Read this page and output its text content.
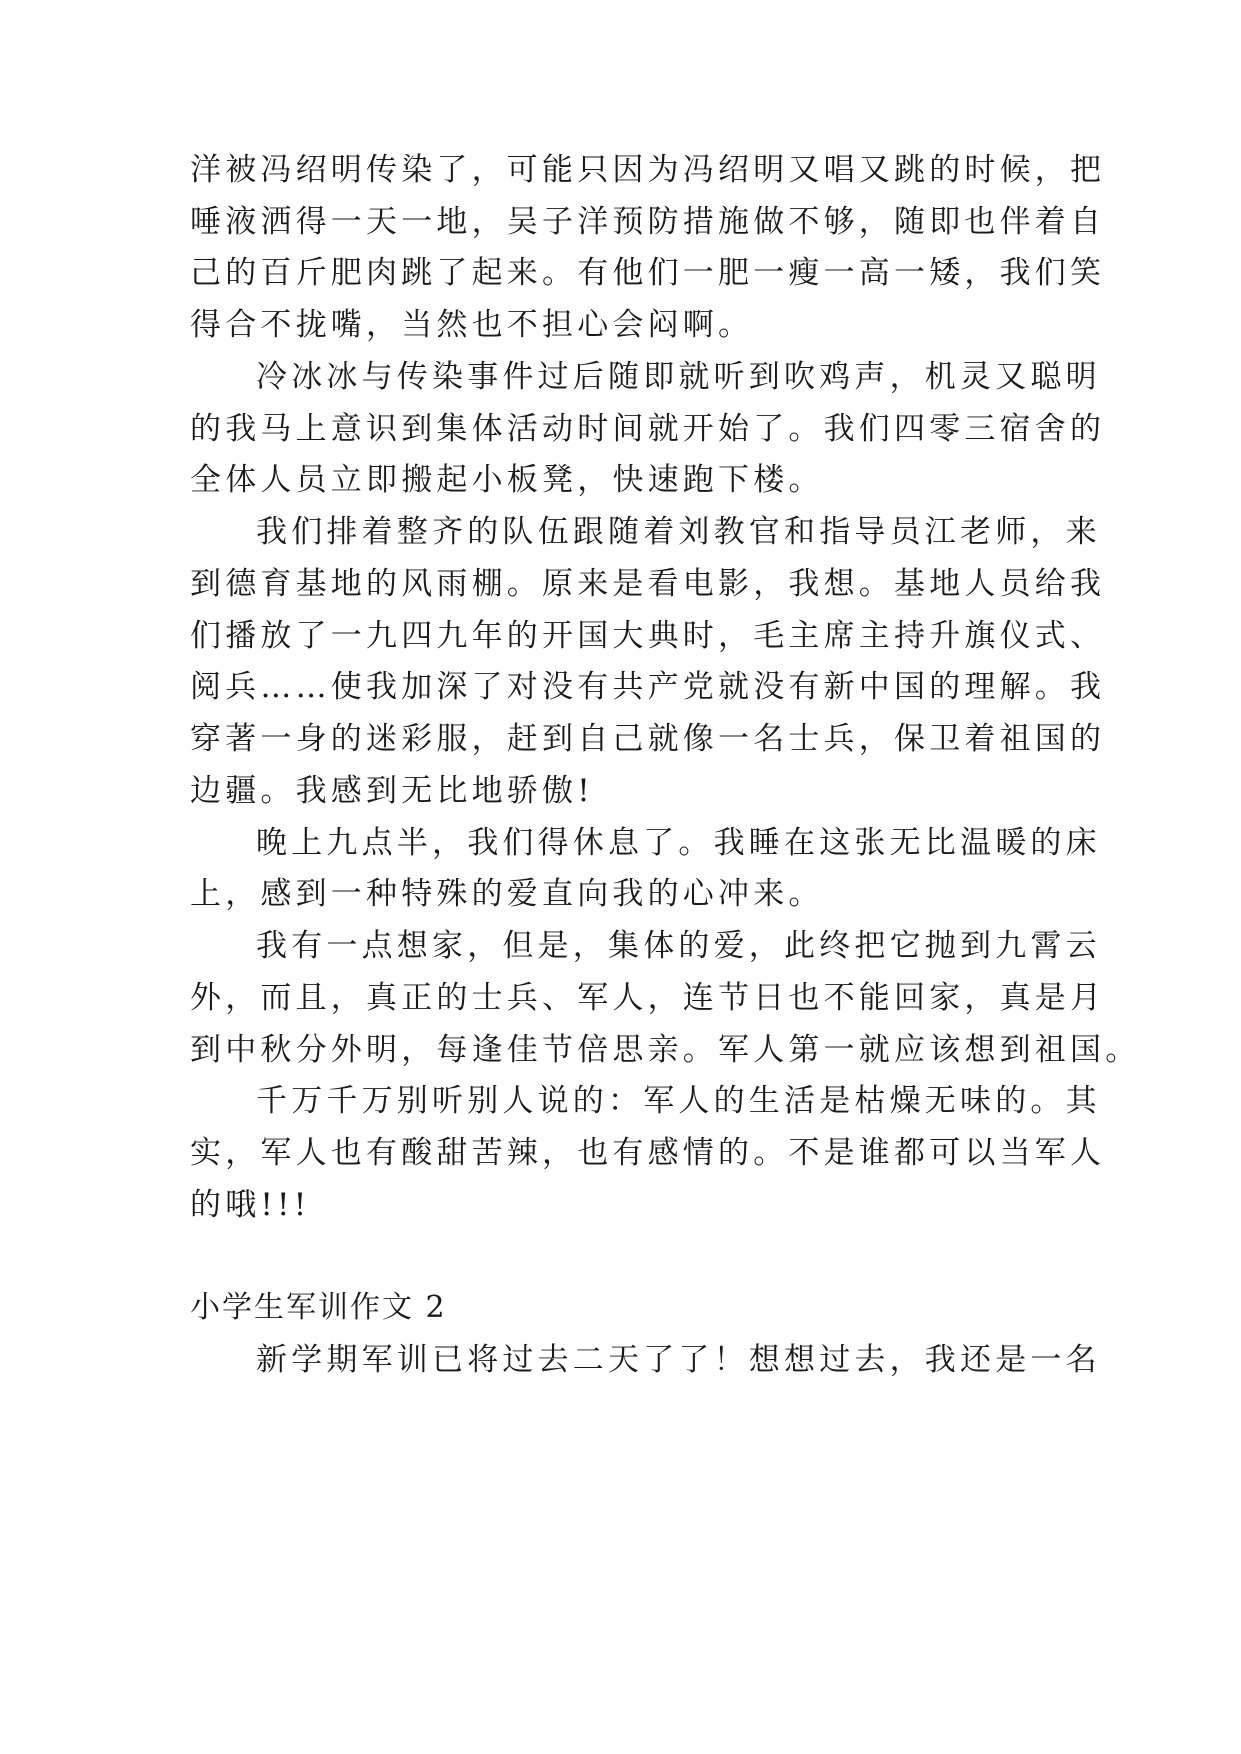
洋被冯绍明传染了，可能只因为冯绍明又唱又跳的时候，把
唾液洒得一天一地，吴子洋预防措施做不够，随即也伴着自
己的百斤肥肉跳了起来。有他们一肥一瘦一高一矮，我们笑
得合不拢嘴，当然也不担心会闷啊。
冷冰冰与传染事件过后随即就听到吹鸡声，机灵又聪明
的我马上意识到集体活动时间就开始了。我们四零三宿舍的
全体人员立即搬起小板凳，快速跑下楼。
我们排着整齐的队伍跟随着刘教官和指导员江老师，来
到德育基地的风雨棚。原来是看电影，我想。基地人员给我
们播放了一九四九年的开国大典时，毛主席主持升旗仪式、
阅兵……使我加深了对没有共产党就没有新中国的理解。我
穿著一身的迷彩服，赶到自己就像一名士兵，保卫着祖国的
边疆。我感到无比地骄傲!
晚上九点半，我们得休息了。我睡在这张无比温暖的床
上，感到一种特殊的爱直向我的心冲来。
我有一点想家，但是，集体的爱，此终把它抛到九霄云
外，而且，真正的士兵、军人，连节日也不能回家，真是月
到中秋分外明，每逢佳节倍思亲。军人第一就应该想到祖国。
千万千万别听别人说的：军人的生活是枯燥无味的。其
实，军人也有酸甜苦辣，也有感情的。不是谁都可以当军人
的哦!!!
小学生军训作文 2
新学期军训已将过去二天了了！想想过去，我还是一名
